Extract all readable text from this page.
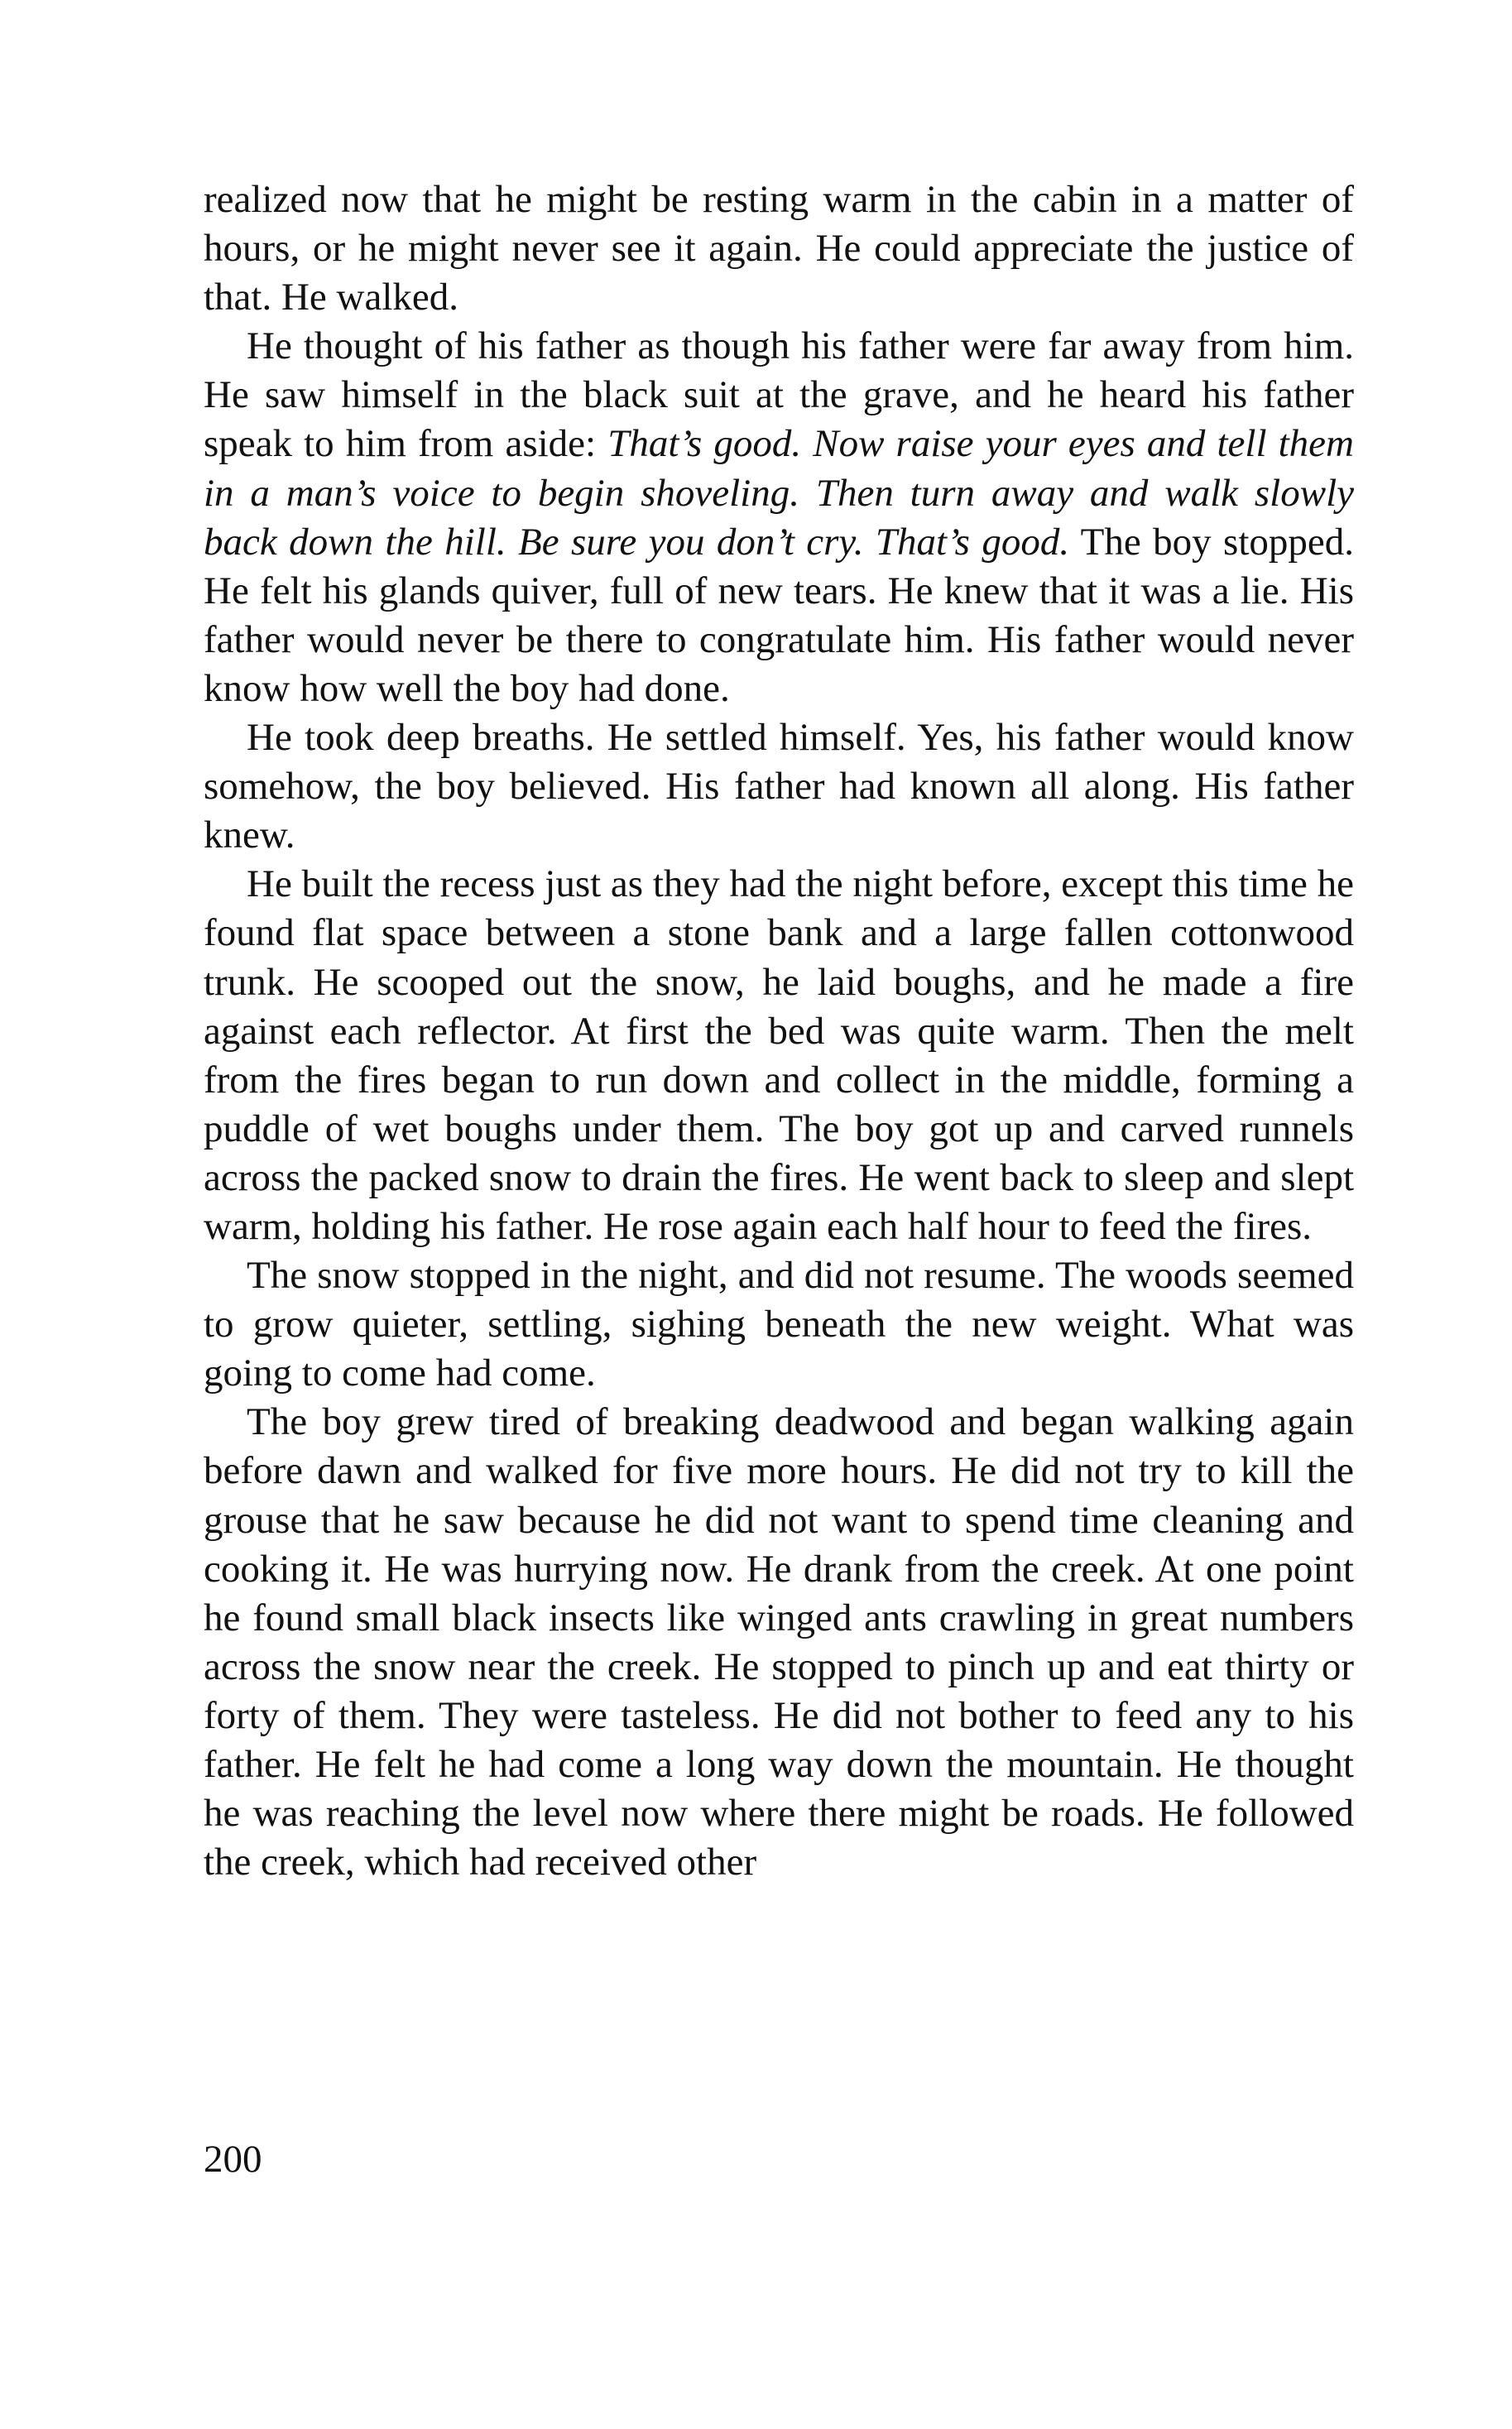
realized now that he might be resting warm in the cabin in a matter of hours, or he might never see it again. He could appreciate the justice of that. He walked.

He thought of his father as though his father were far away from him. He saw himself in the black suit at the grave, and he heard his father speak to him from aside: That’s good. Now raise your eyes and tell them in a man’s voice to begin shoveling. Then turn away and walk slowly back down the hill. Be sure you don’t cry. That’s good. The boy stopped. He felt his glands quiver, full of new tears. He knew that it was a lie. His father would never be there to congratulate him. His father would never know how well the boy had done.

He took deep breaths. He settled himself. Yes, his father would know somehow, the boy believed. His father had known all along. His father knew.

He built the recess just as they had the night before, except this time he found flat space between a stone bank and a large fallen cottonwood trunk. He scooped out the snow, he laid boughs, and he made a fire against each reflector. At first the bed was quite warm. Then the melt from the fires began to run down and collect in the middle, forming a puddle of wet boughs under them. The boy got up and carved runnels across the packed snow to drain the fires. He went back to sleep and slept warm, holding his father. He rose again each half hour to feed the fires.

The snow stopped in the night, and did not resume. The woods seemed to grow quieter, settling, sighing beneath the new weight. What was going to come had come.

The boy grew tired of breaking deadwood and began walking again before dawn and walked for five more hours. He did not try to kill the grouse that he saw because he did not want to spend time cleaning and cooking it. He was hurrying now. He drank from the creek. At one point he found small black insects like winged ants crawling in great numbers across the snow near the creek. He stopped to pinch up and eat thirty or forty of them. They were tasteless. He did not bother to feed any to his father. He felt he had come a long way down the mountain. He thought he was reaching the level now where there might be roads. He followed the creek, which had received other

200
